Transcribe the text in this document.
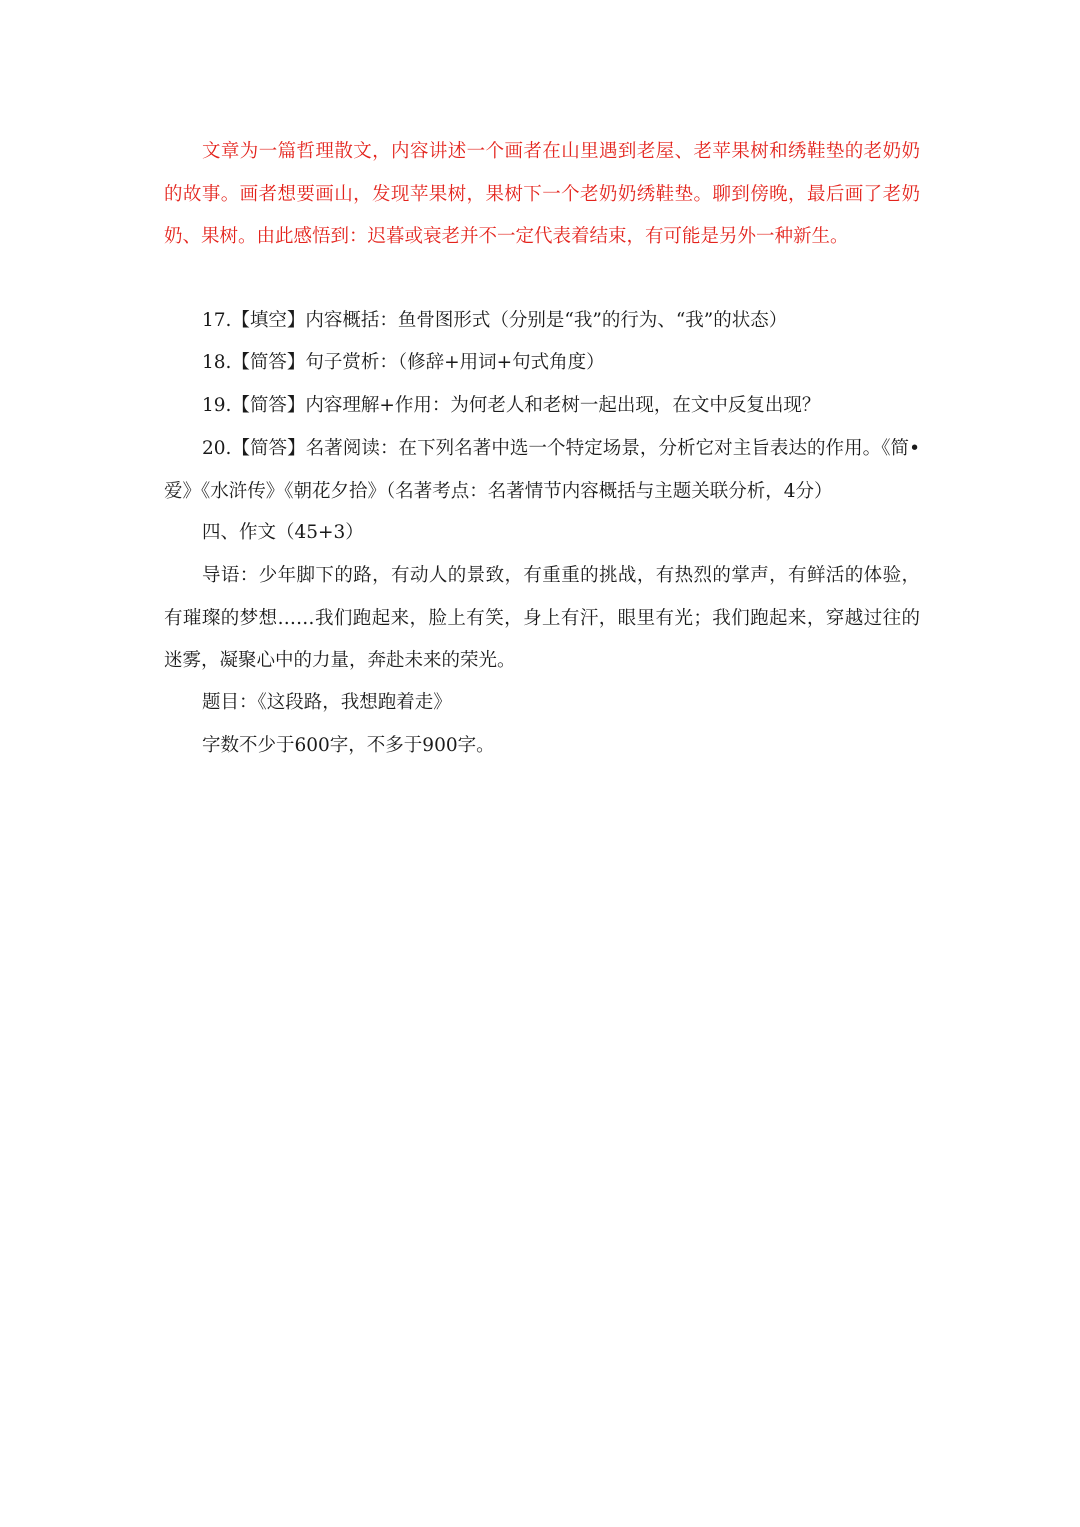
文章为一篇哲理散文，内容讲述一个画者在山里遇到老屋、老苹果树和绣鞋垫的老奶奶的故事。画者想要画山，发现苹果树，果树下一个老奶奶绣鞋垫。聊到傍晚，最后画了老奶奶、果树。由此感悟到：迟暮或衰老并不一定代表着结束，有可能是另外一种新生。
17.【填空】内容概括：鱼骨图形式（分别是“我”的行为、“我”的状态）
18.【简答】句子赏析：（修辞+用词+句式角度）
19.【简答】内容理解+作用：为何老人和老树一起出现，在文中反复出现？
20.【简答】名著阅读：在下列名著中选一个特定场景，分析它对主旨表达的作用。《简•爱》《水浒传》《朝花夕拾》（名著考点：名著情节内容概括与主题关联分析，4分）
四、作文（45+3）
导语：少年脚下的路，有动人的景致，有重重的挑战，有热烈的掌声，有鲜活的体验，有璀璨的梦想……我们跑起来，脸上有笑，身上有汗，眼里有光；我们跑起来，穿越过往的迷雾，凝聚心中的力量，奔赴未来的荣光。
题目：《这段路，我想跑着走》
字数不少于600字，不多于900字。
